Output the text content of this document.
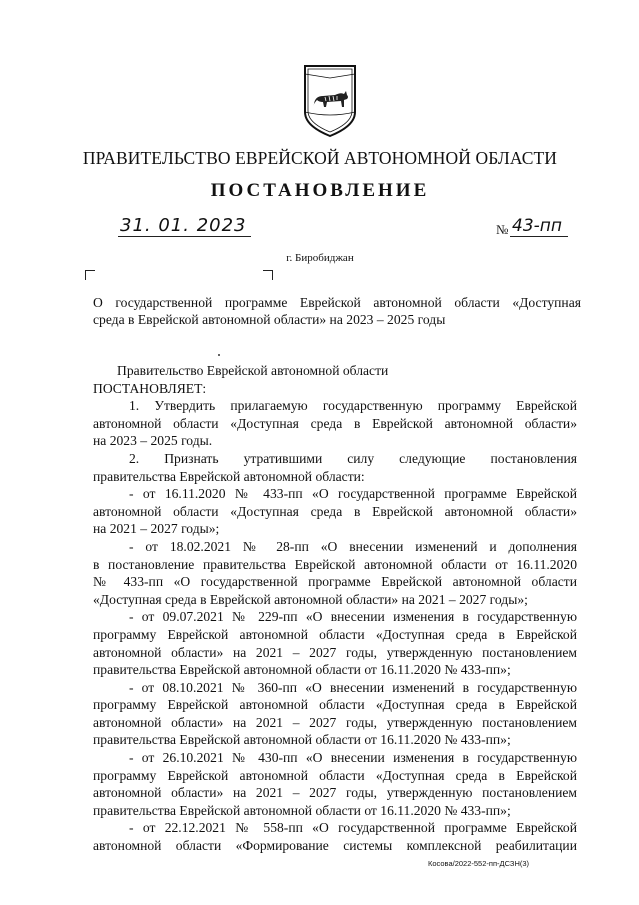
ПРАВИТЕЛЬСТВО ЕВРЕЙСКОЙ АВТОНОМНОЙ ОБЛАСТИ
ПОСТАНОВЛЕНИЕ
31. 01. 2023	№ 43-пп
г. Биробиджан
О государственной программе Еврейской автономной области «Доступная
среда в Еврейской автономной области» на 2023 – 2025 годы
Правительство Еврейской автономной области
ПОСТАНОВЛЯЕТ:
1. Утвердить прилагаемую государственную программу Еврейской
автономной области «Доступная среда в Еврейской автономной области»
на 2023 – 2025 годы.
2. Признать утратившими силу следующие постановления
правительства Еврейской автономной области:
- от 16.11.2020 № 433-пп «О государственной программе Еврейской
автономной области «Доступная среда в Еврейской автономной области»
на 2021 – 2027 годы»;
- от 18.02.2021 № 28-пп «О внесении изменений и дополнения
в постановление правительства Еврейской автономной области от 16.11.2020
№ 433-пп «О государственной программе Еврейской автономной области
«Доступная среда в Еврейской автономной области» на 2021 – 2027 годы»;
- от 09.07.2021 № 229-пп «О внесении изменения в государственную
программу Еврейской автономной области «Доступная среда в Еврейской
автономной области» на 2021 – 2027 годы, утвержденную постановлением
правительства Еврейской автономной области от 16.11.2020 № 433-пп»;
- от 08.10.2021 № 360-пп «О внесении изменений в государственную
программу Еврейской автономной области «Доступная среда в Еврейской
автономной области» на 2021 – 2027 годы, утвержденную постановлением
правительства Еврейской автономной области от 16.11.2020 № 433-пп»;
- от 26.10.2021 № 430-пп «О внесении изменения в государственную
программу Еврейской автономной области «Доступная среда в Еврейской
автономной области» на 2021 – 2027 годы, утвержденную постановлением
правительства Еврейской автономной области от 16.11.2020 № 433-пп»;
- от 22.12.2021 № 558-пп «О государственной программе Еврейской
автономной области «Формирование системы комплексной реабилитации
Косова/2022-552-пп-ДСЗН(3)
